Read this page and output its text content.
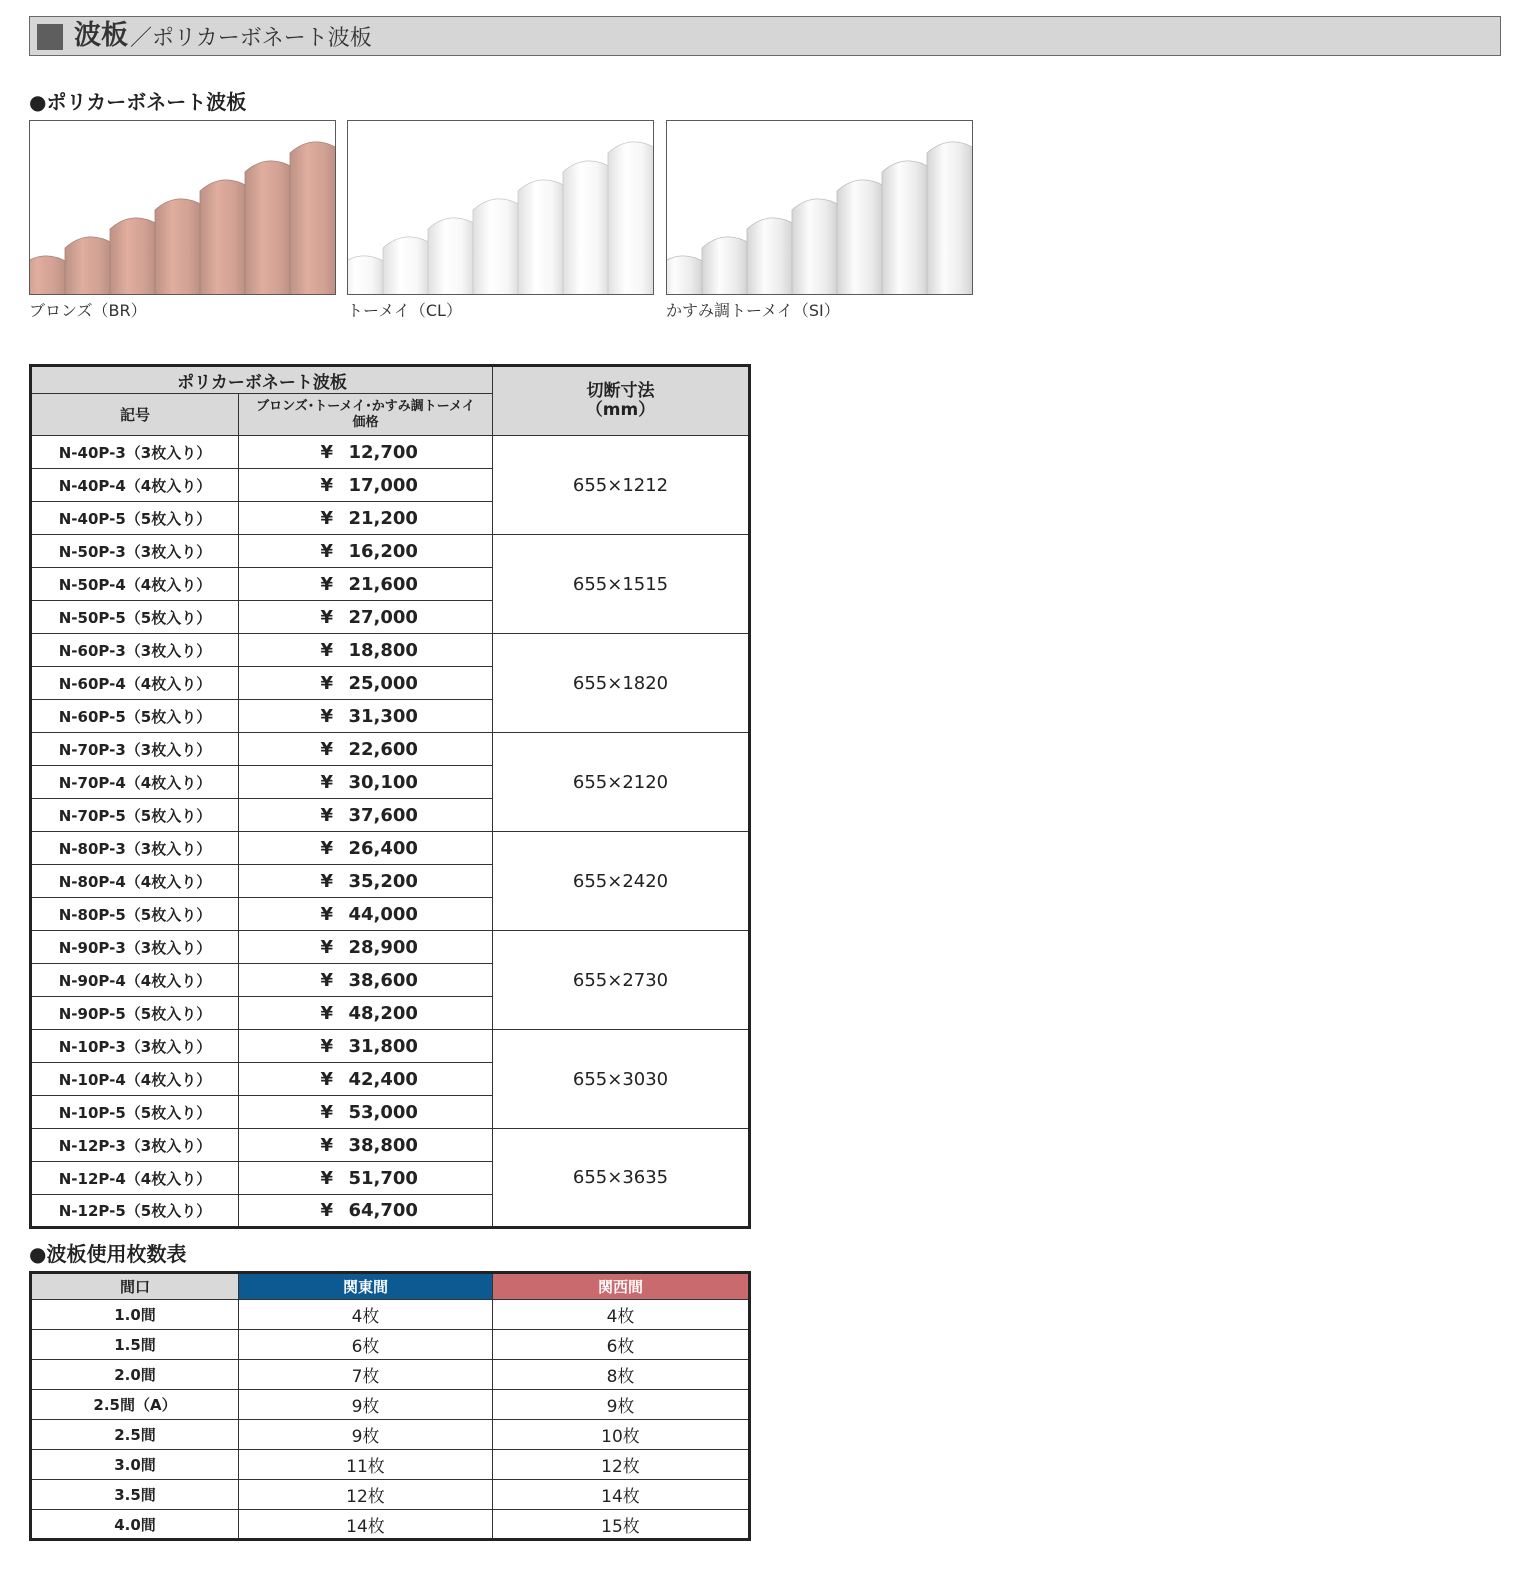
波板 ／ポリカーボネート波板
●ポリカーボネート波板
ブロンズ（BR）	トーメイ（CL）	かすみ調トーメイ（SI）
ポリカーボネート波板		切断寸法
（mm）
記号	ブロンズ･トーメイ･かすみ調トーメイ
価格	
N-40P-3（3枚入り）	¥ 12,700	655×1212
N-40P-4（4枚入り）	¥ 17,000	
N-40P-5（5枚入り）	¥ 21,200	
N-50P-3（3枚入り）	¥ 16,200	655×1515
N-50P-4（4枚入り）	¥ 21,600	
N-50P-5（5枚入り）	¥ 27,000	
N-60P-3（3枚入り）	¥ 18,800	655×1820
N-60P-4（4枚入り）	¥ 25,000	
N-60P-5（5枚入り）	¥ 31,300	
N-70P-3（3枚入り）	¥ 22,600	655×2120
N-70P-4（4枚入り）	¥ 30,100	
N-70P-5（5枚入り）	¥ 37,600	
N-80P-3（3枚入り）	¥ 26,400	655×2420
N-80P-4（4枚入り）	¥ 35,200	
N-80P-5（5枚入り）	¥ 44,000	
N-90P-3（3枚入り）	¥ 28,900	655×2730
N-90P-4（4枚入り）	¥ 38,600	
N-90P-5（5枚入り）	¥ 48,200	
N-10P-3（3枚入り）	¥ 31,800	655×3030
N-10P-4（4枚入り）	¥ 42,400	
N-10P-5（5枚入り）	¥ 53,000	
N-12P-3（3枚入り）	¥ 38,800	655×3635
N-12P-4（4枚入り）	¥ 51,700	
N-12P-5（5枚入り）	¥ 64,700	
●波板使用枚数表
間口	関東間	関西間
1.0間	4枚	4枚
1.5間	6枚	6枚
2.0間	7枚	8枚
2.5間（A）	9枚	9枚
2.5間	9枚	10枚
3.0間	11枚	12枚
3.5間	12枚	14枚
4.0間	14枚	15枚
